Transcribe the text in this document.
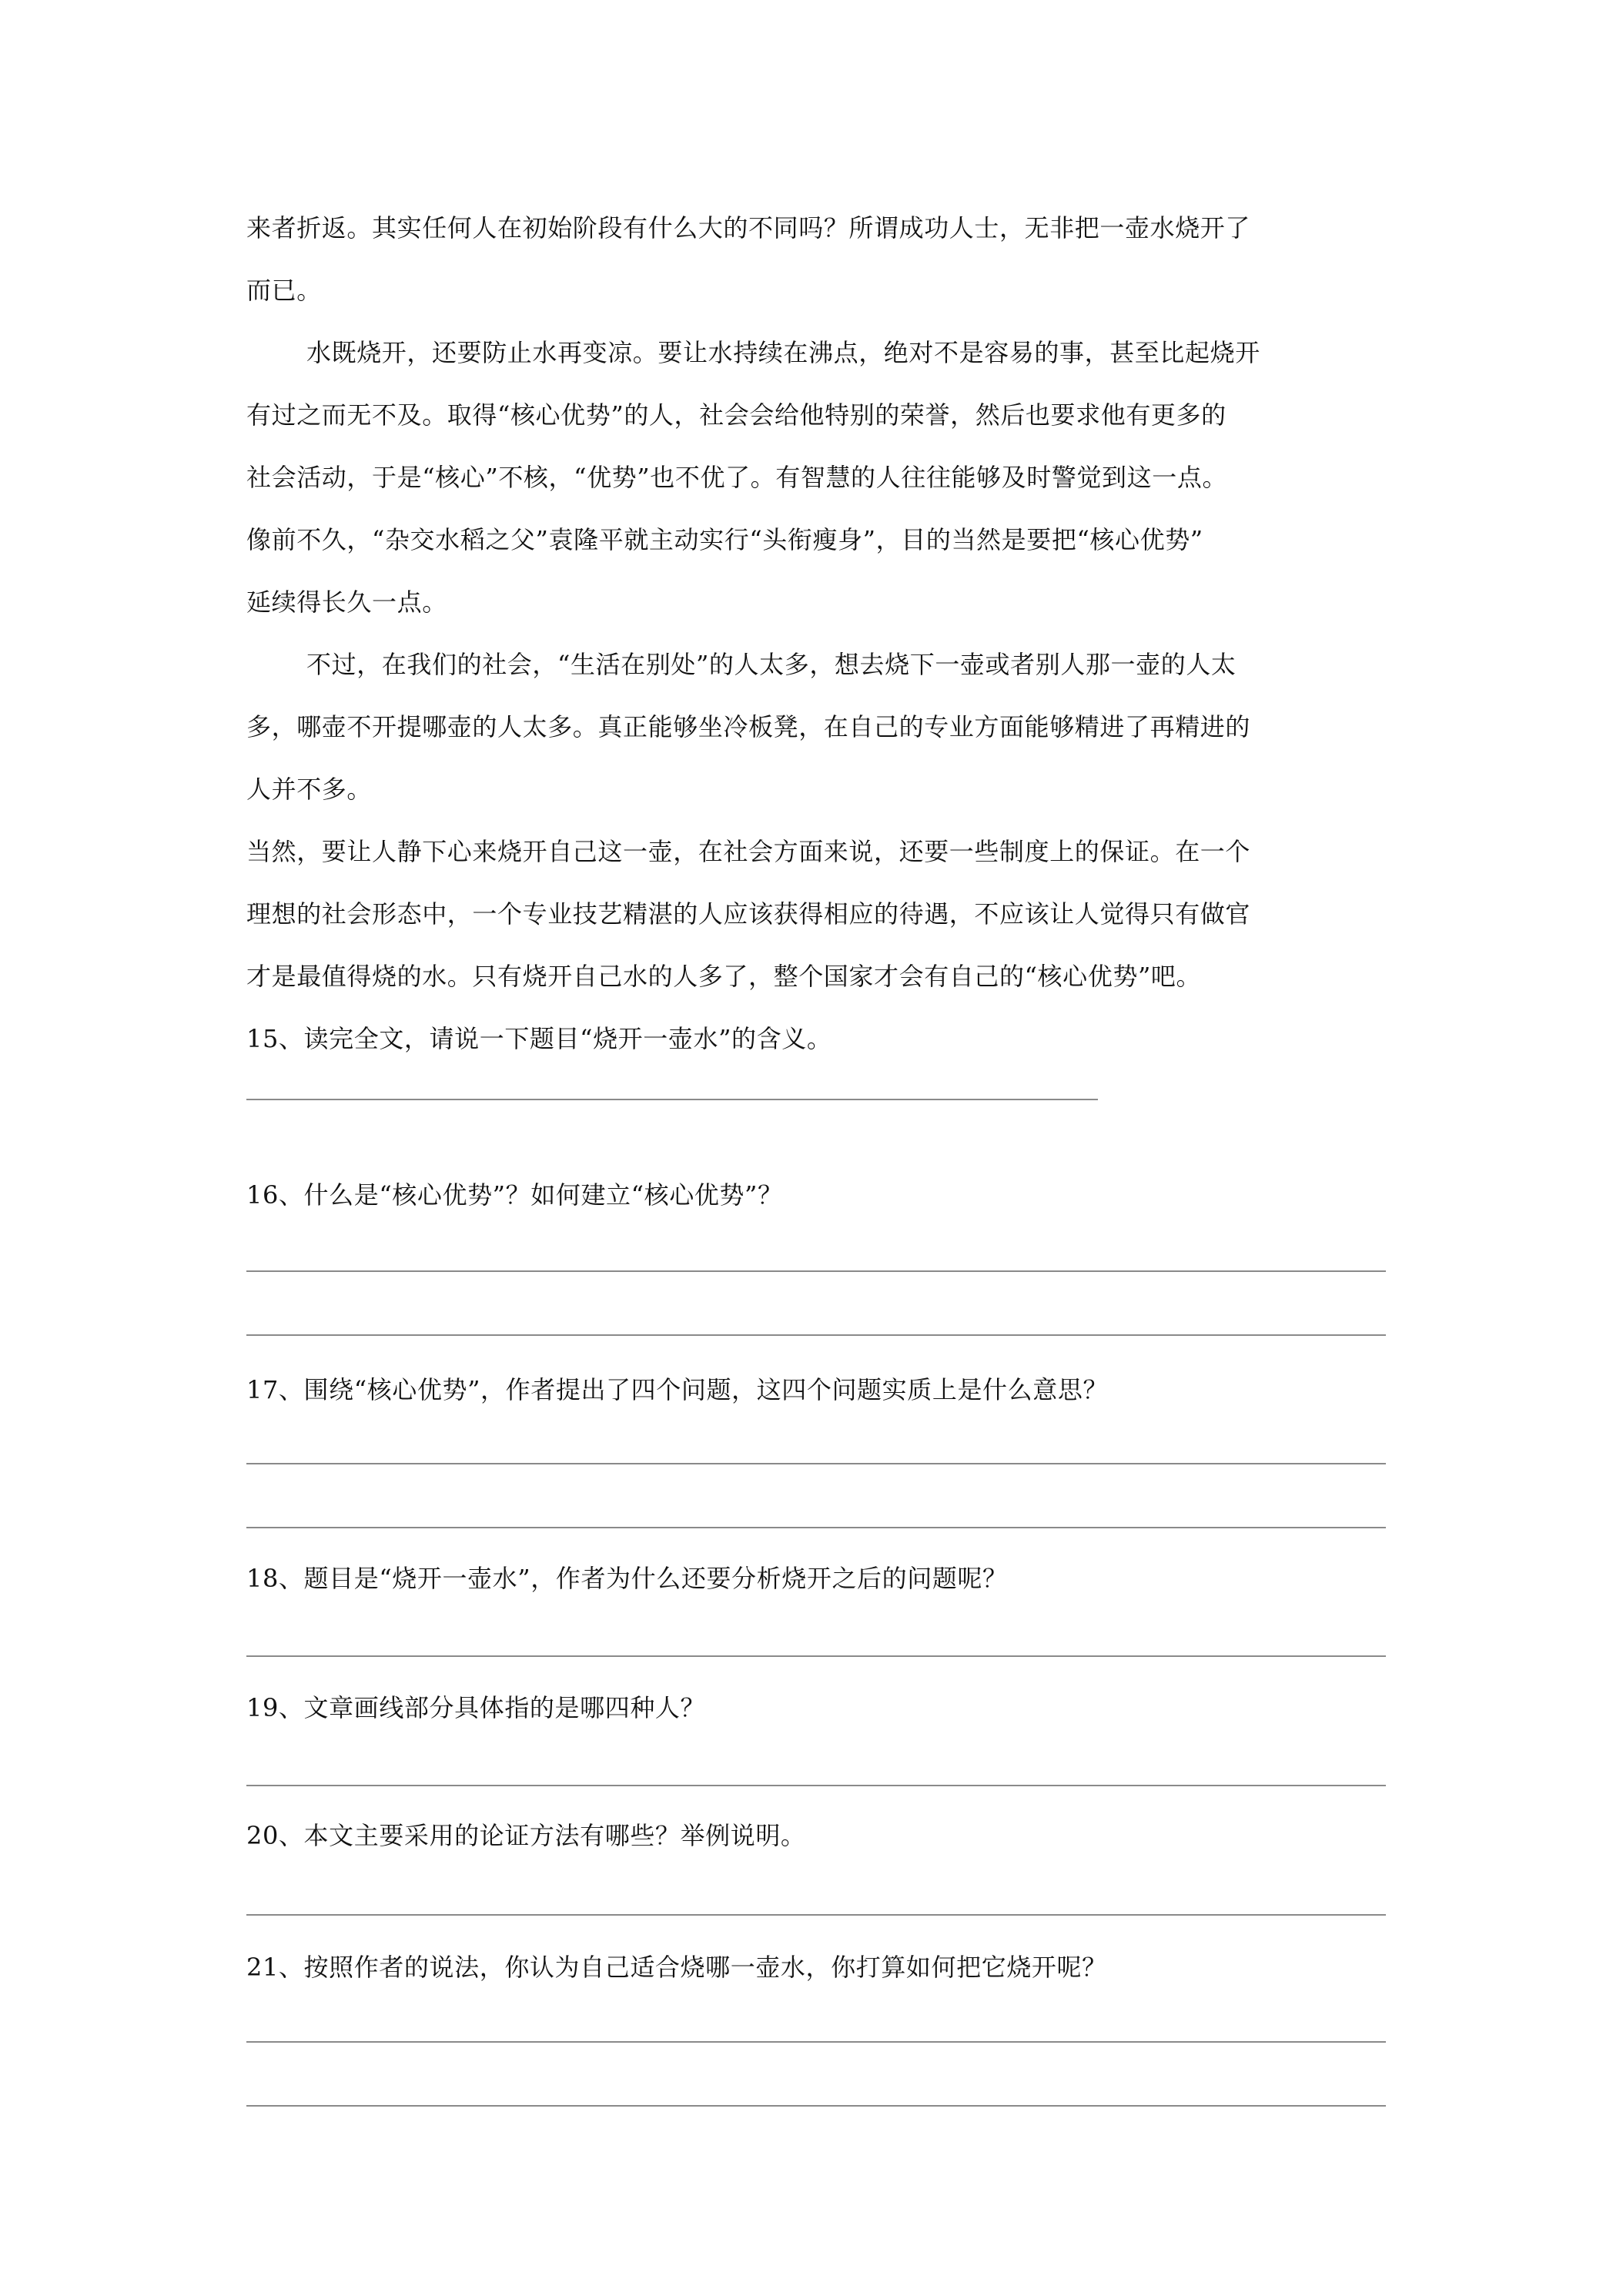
来者折返。其实任何人在初始阶段有什么大的不同吗？所谓成功人士，无非把一壶水烧开了

而已。

水既烧开，还要防止水再变凉。要让水持续在沸点，绝对不是容易的事，甚至比起烧开

有过之而无不及。取得“核心优势”的人，社会会给他特别的荣誉，然后也要求他有更多的

社会活动，于是“核心”不核，“优势”也不优了。有智慧的人往往能够及时警觉到这一点。

像前不久，“杂交水稻之父”袁隆平就主动实行“头衔瘦身”，目的当然是要把“核心优势”

延续得长久一点。

不过，在我们的社会，“生活在别处”的人太多，想去烧下一壶或者别人那一壶的人太

多，哪壶不开提哪壶的人太多。真正能够坐冷板凳，在自己的专业方面能够精进了再精进的

人并不多。

当然，要让人静下心来烧开自己这一壶，在社会方面来说，还要一些制度上的保证。在一个

理想的社会形态中，一个专业技艺精湛的人应该获得相应的待遇，不应该让人觉得只有做官

才是最值得烧的水。只有烧开自己水的人多了，整个国家才会有自己的“核心优势”吧。

15、读完全文，请说一下题目“烧开一壶水”的含义。

16、什么是“核心优势”？如何建立“核心优势”？

17、围绕“核心优势”，作者提出了四个问题，这四个问题实质上是什么意思？

18、题目是“烧开一壶水”，作者为什么还要分析烧开之后的问题呢？

19、文章画线部分具体指的是哪四种人？

20、本文主要采用的论证方法有哪些？举例说明。

21、按照作者的说法，你认为自己适合烧哪一壶水，你打算如何把它烧开呢？
